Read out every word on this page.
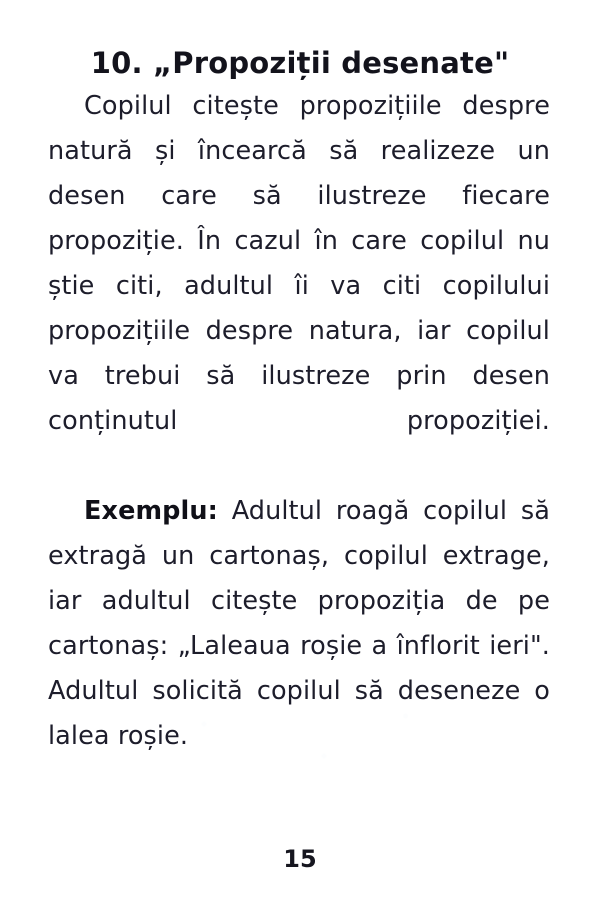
10. „Propoziții desenate"

Copilul citește propozițiile despre natură și încearcă să realizeze un desen care să ilustreze fiecare propoziție. În cazul în care copilul nu știe citi, adultul îi va citi copilului propozițiile despre natura, iar copilul va trebui să ilustreze prin desen conținutul propoziției.

Exemplu: Adultul roagă copilul să extragă un cartonaș, copilul extrage, iar adultul citește propoziția de pe cartonaș: „Laleaua roșie a înflorit ieri". Adultul solicită copilul să deseneze o lalea roșie.

15
